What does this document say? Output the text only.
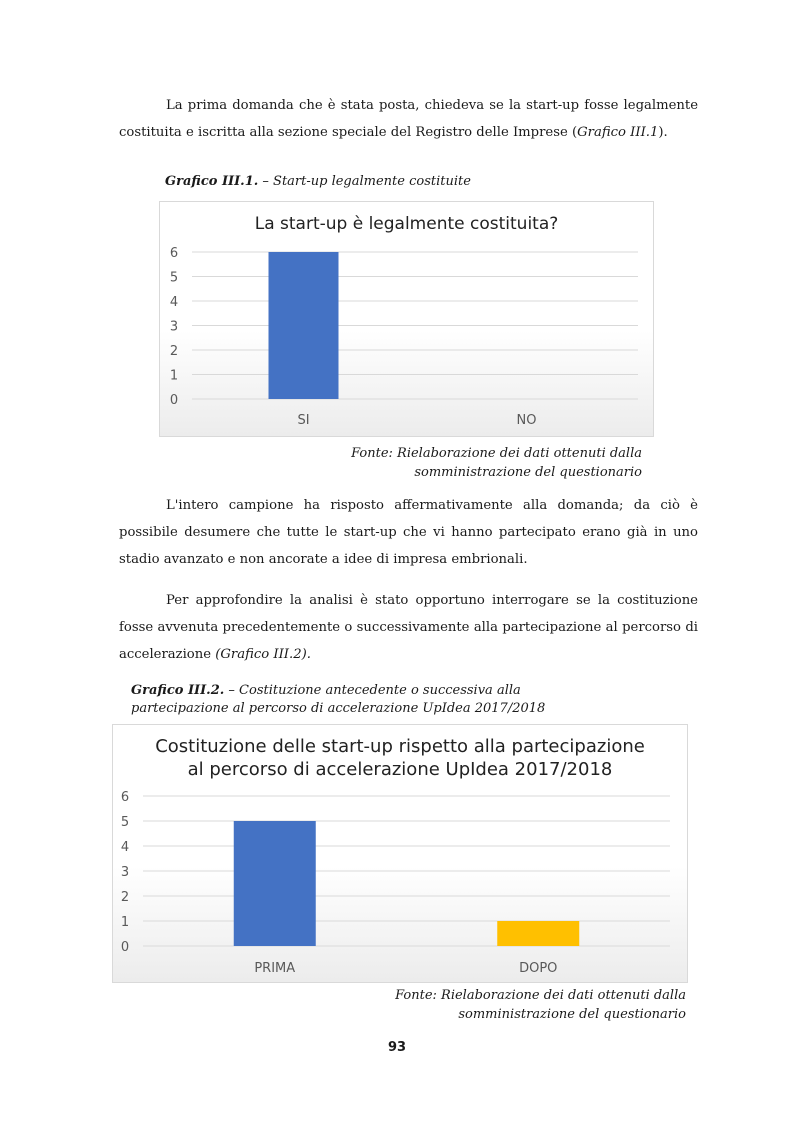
La prima domanda che è stata posta, chiedeva se la start-up fosse legalmente costituita e iscritta alla sezione speciale del Registro delle Imprese (Grafico III.1).

Grafico III.1. – Start-up legalmente costituite

La start-up è legalmente costituita?
0
1
2
3
4
5
6
SI	NO
Fonte: Rielaborazione dei dati ottenuti dalla
somministrazione del questionario

L'intero campione ha risposto affermativamente alla domanda; da ciò è possibile desumere che tutte le start-up che vi hanno partecipato erano già in uno stadio avanzato e non ancorate a idee di impresa embrionali.

Per approfondire la analisi è stato opportuno interrogare se la costituzione fosse avvenuta precedentemente o successivamente alla partecipazione al percorso di accelerazione (Grafico III.2).

Grafico III.2. – Costituzione antecedente o successiva alla
partecipazione al percorso di accelerazione UpIdea 2017/2018
Costituzione delle start-up rispetto alla partecipazione
al percorso di accelerazione UpIdea 2017/2018
0
1
2
3
4
5
6
PRIMA	DOPO
Fonte: Rielaborazione dei dati ottenuti dalla
somministrazione del questionario
93
